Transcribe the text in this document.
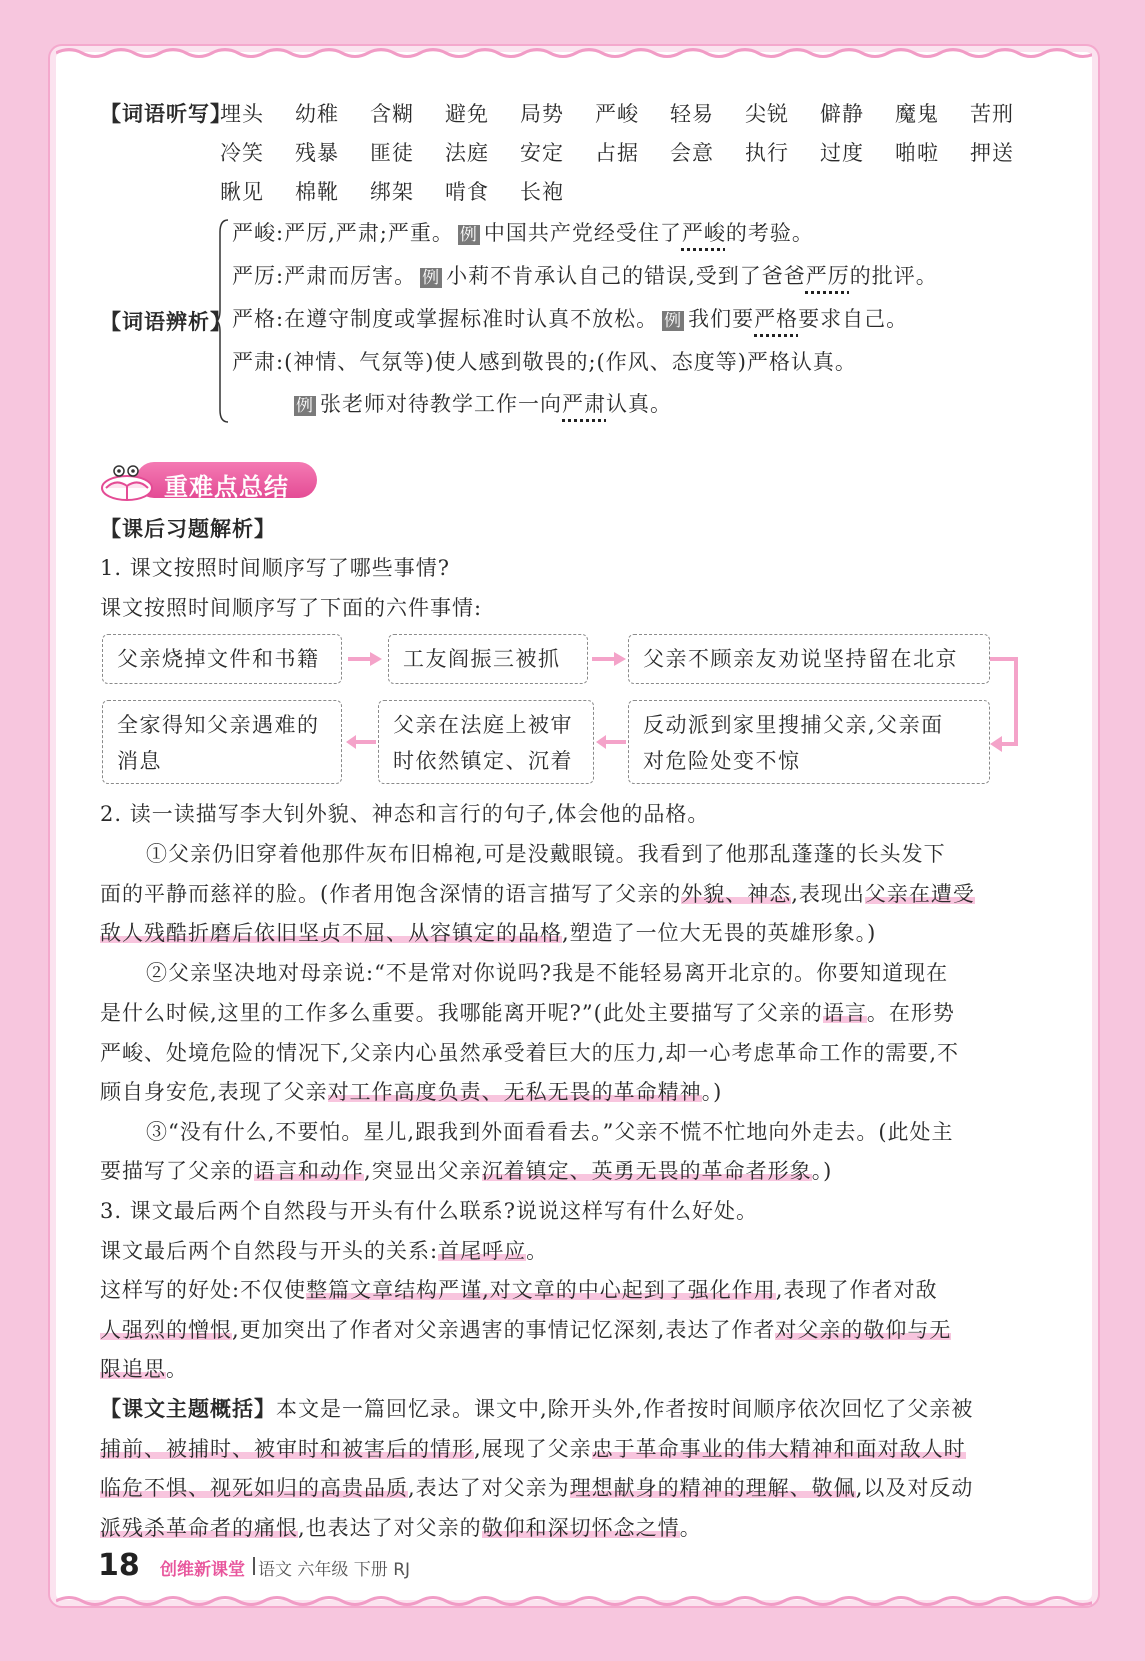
【词语听写】
埋头 幼稚 含糊 避免 局势 严峻 轻易 尖锐 僻静 魔鬼 苦刑
冷笑 残暴 匪徒 法庭 安定 占据 会意 执行 过度 啪啦 押送
瞅见 棉靴 绑架 啃食 长袍
【词语辨析】
严峻:严厉,严肃;严重。 例 中国共产党经受住了严峻的考验。
严厉:严肃而厉害。 例 小莉不肯承认自己的错误,受到了爸爸严厉的批评。
严格:在遵守制度或掌握标准时认真不放松。 例 我们要严格要求自己。
严肃:(神情、气氛等)使人感到敬畏的;(作风、态度等)严格认真。
例 张老师对待教学工作一向严肃认真。
重难点总结
【课后习题解析】
1. 课文按照时间顺序写了哪些事情?
课文按照时间顺序写了下面的六件事情:
父亲烧掉文件和书籍	工友阎振三被抓	父亲不顾亲友劝说坚持留在北京
全家得知父亲遇难的
消息
父亲在法庭上被审
时依然镇定、沉着
反动派到家里搜捕父亲,父亲面
对危险处变不惊
2. 读一读描写李大钊外貌、神态和言行的句子,体会他的品格。
①父亲仍旧穿着他那件灰布旧棉袍,可是没戴眼镜。我看到了他那乱蓬蓬的长头发下
面的平静而慈祥的脸。(作者用饱含深情的语言描写了父亲的外貌、神态,表现出父亲在遭受
敌人残酷折磨后依旧坚贞不屈、从容镇定的品格,塑造了一位大无畏的英雄形象。)
②父亲坚决地对母亲说:“不是常对你说吗?我是不能轻易离开北京的。你要知道现在
是什么时候,这里的工作多么重要。我哪能离开呢?”(此处主要描写了父亲的语言。在形势
严峻、处境危险的情况下,父亲内心虽然承受着巨大的压力,却一心考虑革命工作的需要,不
顾自身安危,表现了父亲对工作高度负责、无私无畏的革命精神。)
③“没有什么,不要怕。星儿,跟我到外面看看去。”父亲不慌不忙地向外走去。(此处主
要描写了父亲的语言和动作,突显出父亲沉着镇定、英勇无畏的革命者形象。)
3. 课文最后两个自然段与开头有什么联系?说说这样写有什么好处。
课文最后两个自然段与开头的关系:首尾呼应。
这样写的好处:不仅使整篇文章结构严谨,对文章的中心起到了强化作用,表现了作者对敌
人强烈的憎恨,更加突出了作者对父亲遇害的事情记忆深刻,表达了作者对父亲的敬仰与无
限追思。
【课文主题概括】本文是一篇回忆录。课文中,除开头外,作者按时间顺序依次回忆了父亲被
捕前、被捕时、被审时和被害后的情形,展现了父亲忠于革命事业的伟大精神和面对敌人时
临危不惧、视死如归的高贵品质,表达了对父亲为理想献身的精神的理解、敬佩,以及对反动
派残杀革命者的痛恨,也表达了对父亲的敬仰和深切怀念之情。
18 创维新课堂 语文 六年级 下册 RJ
